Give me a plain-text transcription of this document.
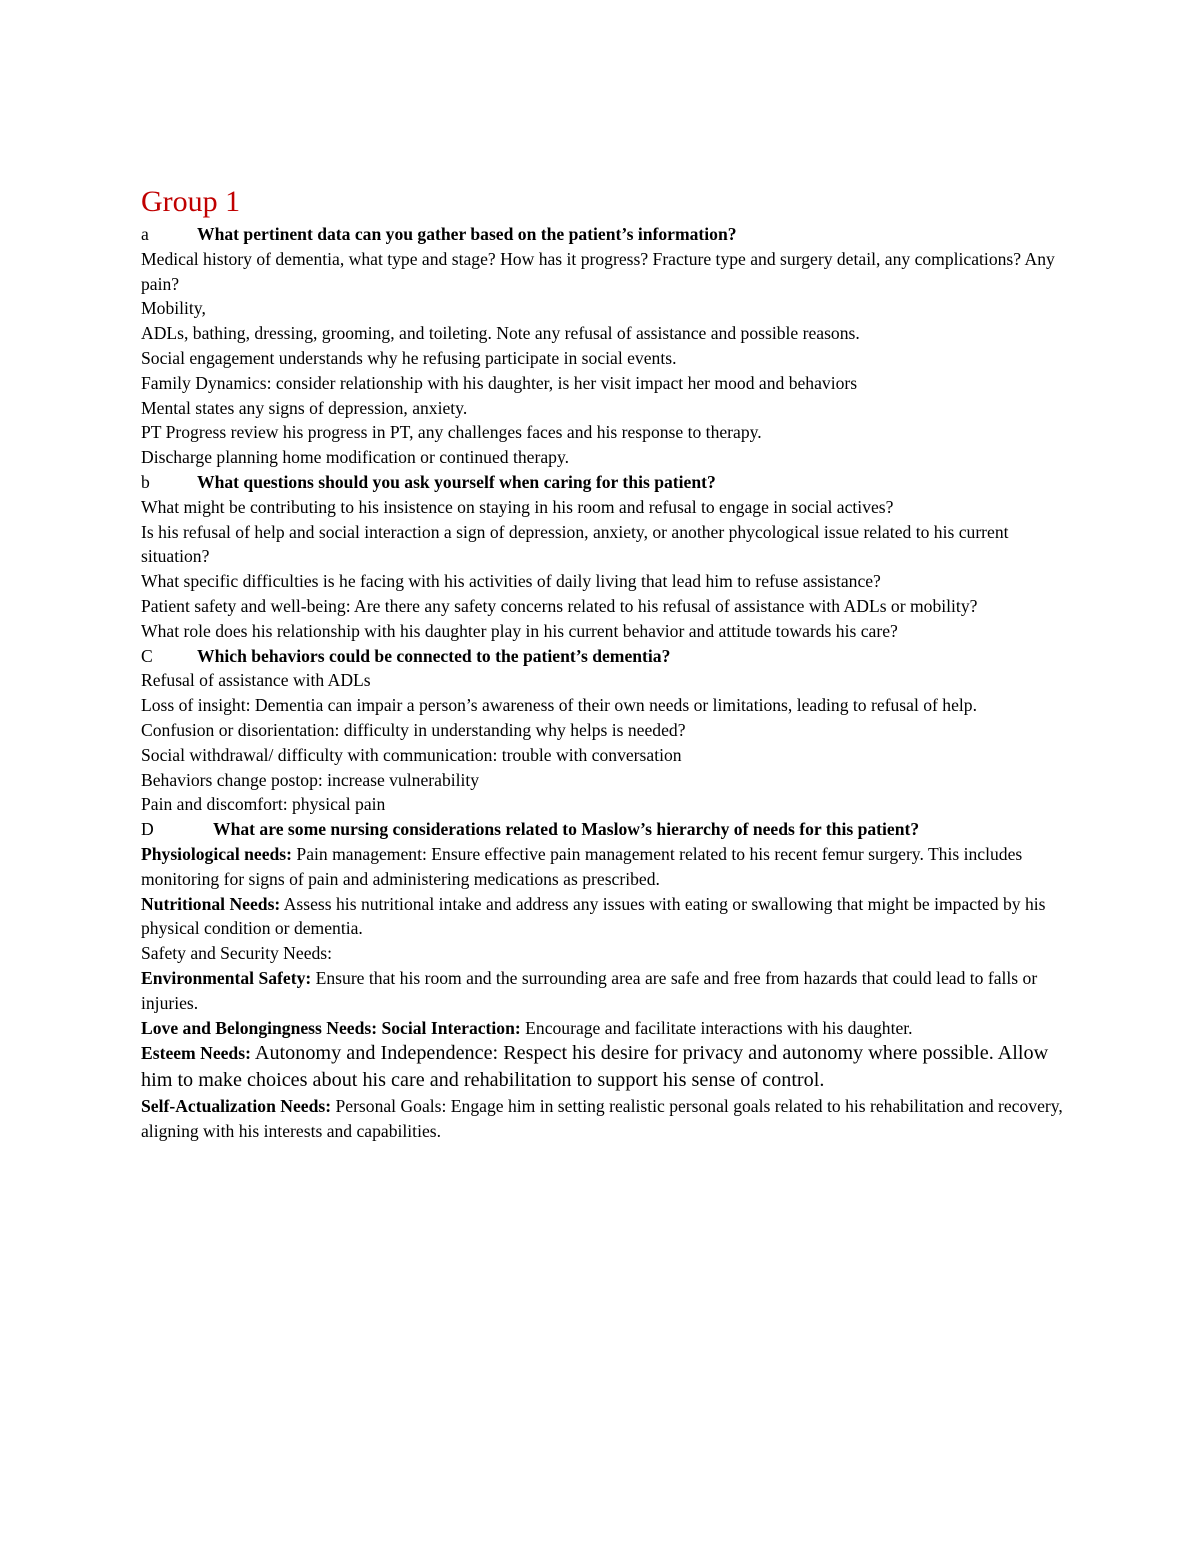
Group 1
a	What pertinent data can you gather based on the patient’s information?

Medical history of dementia, what type and stage? How has it progress? Fracture type and surgery detail, any complications? Any pain?

Mobility,

ADLs, bathing, dressing, grooming, and toileting. Note any refusal of assistance and possible reasons.

Social engagement understands why he refusing participate in social events.

Family Dynamics: consider relationship with his daughter, is her visit impact her mood and behaviors

Mental states any signs of depression, anxiety.

PT Progress review his progress in PT, any challenges faces and his response to therapy.

Discharge planning home modification or continued therapy.

b	What questions should you ask yourself when caring for this patient?

What might be contributing to his insistence on staying in his room and refusal to engage in social actives?

Is his refusal of help and social interaction a sign of depression, anxiety, or another phycological issue related to his current situation?

What specific difficulties is he facing with his activities of daily living that lead him to refuse assistance?

Patient safety and well-being: Are there any safety concerns related to his refusal of assistance with ADLs or mobility?

What role does his relationship with his daughter play in his current behavior and attitude towards his care?

C	Which behaviors could be connected to the patient’s dementia?

Refusal of assistance with ADLs

Loss of insight: Dementia can impair a person’s awareness of their own needs or limitations, leading to refusal of help.

Confusion or disorientation: difficulty in understanding why helps is needed?

Social withdrawal/ difficulty with communication: trouble with conversation

Behaviors change postop: increase vulnerability

Pain and discomfort: physical pain

D	What are some nursing considerations related to Maslow’s hierarchy of needs for this patient?

Physiological needs: Pain management: Ensure effective pain management related to his recent femur surgery. This includes monitoring for signs of pain and administering medications as prescribed.

Nutritional Needs: Assess his nutritional intake and address any issues with eating or swallowing that might be impacted by his physical condition or dementia.

Safety and Security Needs:

Environmental Safety: Ensure that his room and the surrounding area are safe and free from hazards that could lead to falls or injuries.

Love and Belongingness Needs: Social Interaction: Encourage and facilitate interactions with his daughter.

Esteem Needs: Autonomy and Independence: Respect his desire for privacy and autonomy where possible. Allow him to make choices about his care and rehabilitation to support his sense of control.

Self-Actualization Needs: Personal Goals: Engage him in setting realistic personal goals related to his rehabilitation and recovery, aligning with his interests and capabilities.
